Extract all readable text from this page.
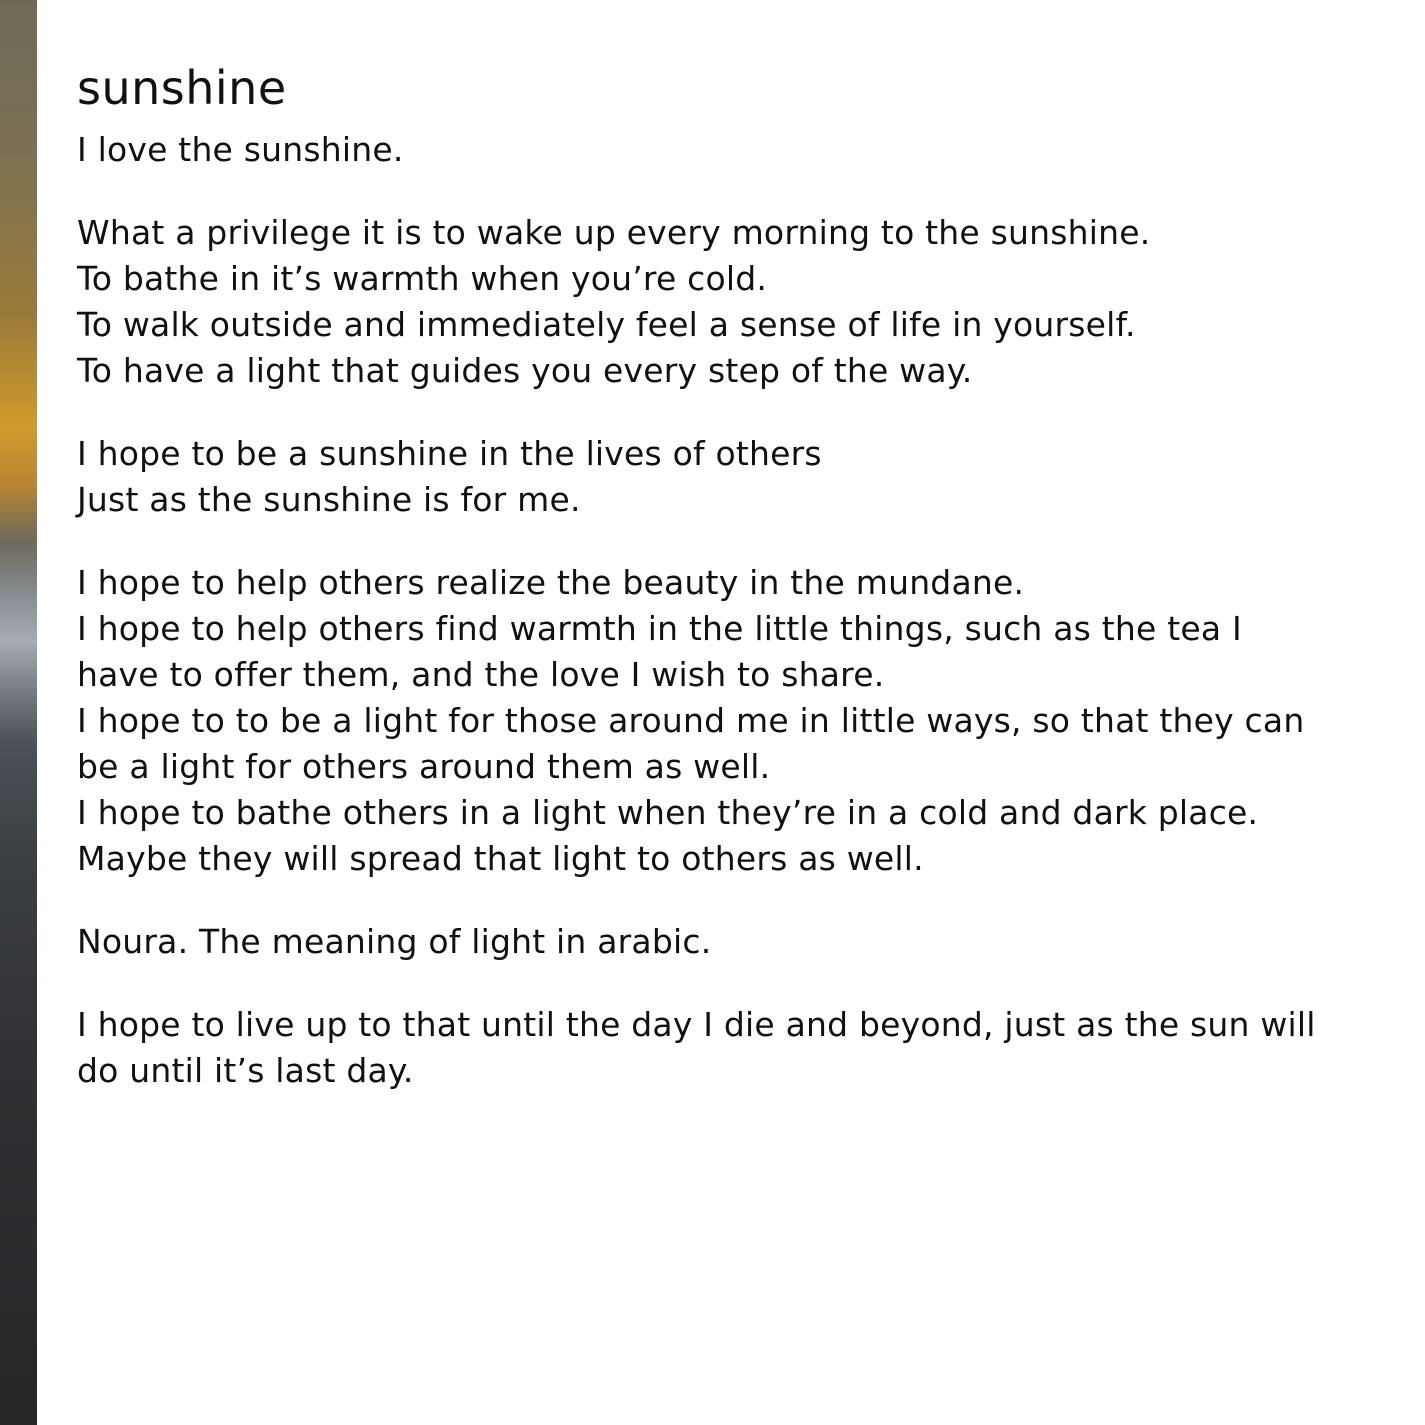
sunshine
I love the sunshine.
What a privilege it is to wake up every morning to the sunshine.
To bathe in it’s warmth when you’re cold.
To walk outside and immediately feel a sense of life in yourself.
To have a light that guides you every step of the way.
I hope to be a sunshine in the lives of others
Just as the sunshine is for me.
I hope to help others realize the beauty in the mundane.
I hope to help others find warmth in the little things, such as the tea I
have to offer them, and the love I wish to share.
I hope to to be a light for those around me in little ways, so that they can
be a light for others around them as well.
I hope to bathe others in a light when they’re in a cold and dark place.
Maybe they will spread that light to others as well.
Noura. The meaning of light in arabic.
I hope to live up to that until the day I die and beyond, just as the sun will
do until it’s last day.
